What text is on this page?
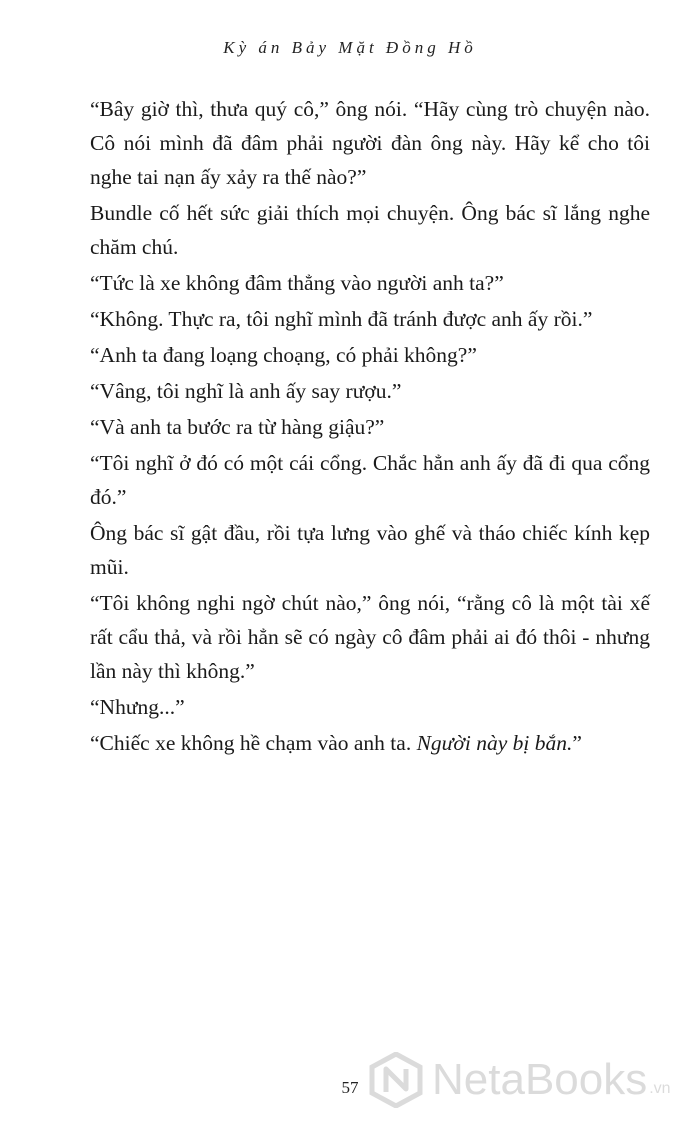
Kỳ án Bảy Mặt Đồng Hồ

“Bây giờ thì, thưa quý cô,” ông nói. “Hãy cùng trò chuyện nào. Cô nói mình đã đâm phải người đàn ông này. Hãy kể cho tôi nghe tai nạn ấy xảy ra thế nào?”

Bundle cố hết sức giải thích mọi chuyện. Ông bác sĩ lắng nghe chăm chú.

“Tức là xe không đâm thẳng vào người anh ta?”

“Không. Thực ra, tôi nghĩ mình đã tránh được anh ấy rồi.”

“Anh ta đang loạng choạng, có phải không?”

“Vâng, tôi nghĩ là anh ấy say rượu.”

“Và anh ta bước ra từ hàng giậu?”

“Tôi nghĩ ở đó có một cái cổng. Chắc hẳn anh ấy đã đi qua cổng đó.”

Ông bác sĩ gật đầu, rồi tựa lưng vào ghế và tháo chiếc kính kẹp mũi.

“Tôi không nghi ngờ chút nào,” ông nói, “rằng cô là một tài xế rất cẩu thả, và rồi hẳn sẽ có ngày cô đâm phải ai đó thôi - nhưng lần này thì không.”

“Nhưng...”

“Chiếc xe không hề chạm vào anh ta. Người này bị bắn.”

57	NetaBooks .vn
